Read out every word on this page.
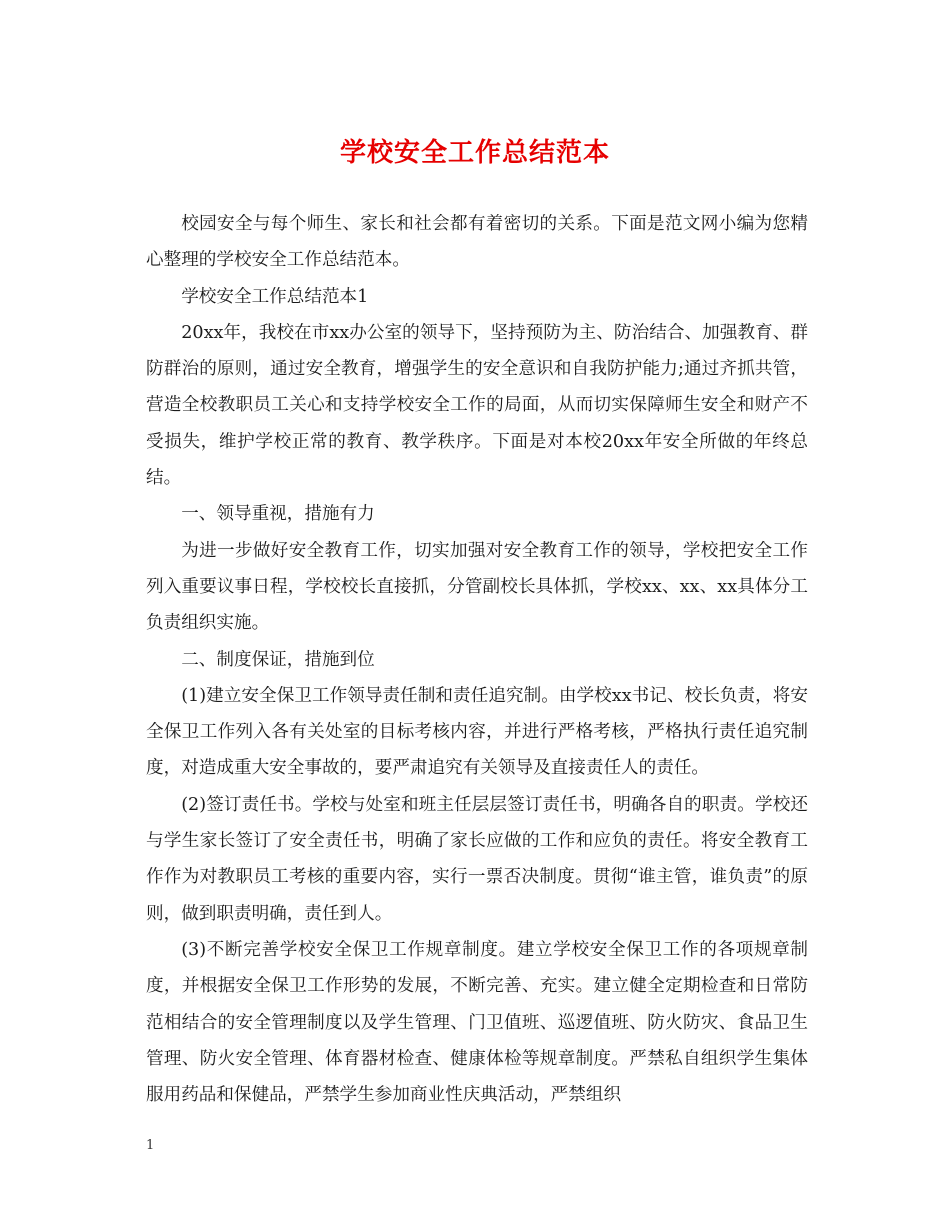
学校安全工作总结范本

校园安全与每个师生、家长和社会都有着密切的关系。下面是范文网小编为您精心整理的学校安全工作总结范本。

学校安全工作总结范本1

20xx年，我校在市xx办公室的领导下，坚持预防为主、防治结合、加强教育、群防群治的原则，通过安全教育，增强学生的安全意识和自我防护能力;通过齐抓共管，营造全校教职员工关心和支持学校安全工作的局面，从而切实保障师生安全和财产不受损失，维护学校正常的教育、教学秩序。下面是对本校20xx年安全所做的年终总结。

一、领导重视，措施有力

为进一步做好安全教育工作，切实加强对安全教育工作的领导，学校把安全工作列入重要议事日程，学校校长直接抓，分管副校长具体抓，学校xx、xx、xx具体分工负责组织实施。

二、制度保证，措施到位

(1)建立安全保卫工作领导责任制和责任追究制。由学校xx书记、校长负责，将安全保卫工作列入各有关处室的目标考核内容，并进行严格考核，严格执行责任追究制度，对造成重大安全事故的，要严肃追究有关领导及直接责任人的责任。

(2)签订责任书。学校与处室和班主任层层签订责任书，明确各自的职责。学校还与学生家长签订了安全责任书，明确了家长应做的工作和应负的责任。将安全教育工作作为对教职员工考核的重要内容，实行一票否决制度。贯彻“谁主管，谁负责”的原则，做到职责明确，责任到人。

(3)不断完善学校安全保卫工作规章制度。建立学校安全保卫工作的各项规章制度，并根据安全保卫工作形势的发展，不断完善、充实。建立健全定期检查和日常防范相结合的安全管理制度以及学生管理、门卫值班、巡逻值班、防火防灾、食品卫生管理、防火安全管理、体育器材检查、健康体检等规章制度。严禁私自组织学生集体服用药品和保健品，严禁学生参加商业性庆典活动，严禁组织

1
